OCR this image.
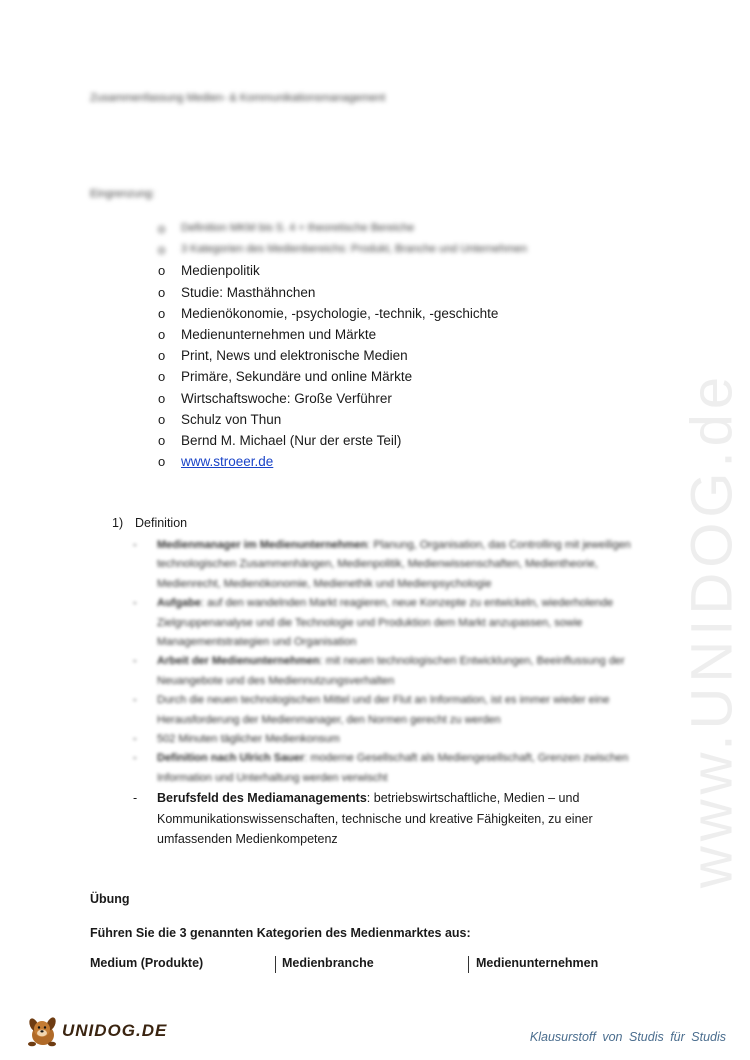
Zusammenfassung Medien- & Kommunikationsmanagement
Eingrenzung:
o	Definition MKM bis S. 4 + theoretische Bereiche
o	3 Kategorien des Medienbereichs: Produkt, Branche und Unternehmen
o	Medienpolitik
o	Studie: Masthähnchen
o	Medienökonomie, -psychologie, -technik, -geschichte
o	Medienunternehmen und Märkte
o	Print, News und elektronische Medien
o	Primäre, Sekundäre und online Märkte
o	Wirtschaftswoche: Große Verführer
o	Schulz von Thun
o	Bernd M. Michael (Nur der erste Teil)
o	www.stroeer.de
1) Definition
-	Medienmanager im Medienunternehmen: Planung, Organisation, das Controlling mit jeweiligen technologischen Zusammenhängen, Medienpolitik, Medienwissenschaften, Medientheorie, Medienrecht, Medienökonomie, Medienethik und Medienpsychologie
-	Aufgabe: auf den wandelnden Markt reagieren, neue Konzepte zu entwickeln, wiederholende Zielgruppenanalyse und die Technologie und Produktion dem Markt anzupassen, sowie Managementstrategien und Organisation
-	Arbeit der Medienunternehmen: mit neuen technologischen Entwicklungen, Beeinflussung der Neuangebote und des Mediennutzungsverhalten
-	Durch die neuen technologischen Mittel und der Flut an Information, ist es immer wieder eine Herausforderung der Medienmanager, den Normen gerecht zu werden
-	502 Minuten täglicher Medienkonsum
-	Definition nach Ulrich Sauer: moderne Gesellschaft als Mediengesellschaft, Grenzen zwischen Information und Unterhaltung werden verwischt
-	Berufsfeld des Mediamanagements: betriebswirtschaftliche, Medien – und Kommunikationswissenschaften, technische und kreative Fähigkeiten, zu einer umfassenden Medienkompetenz
Übung
Führen Sie die 3 genannten Kategorien des Medienmarktes aus:
Medium (Produkte)	Medienbranche	Medienunternehmen
www.UNIDOG.de
UNIDOG.DE	Klausurstoff von Studis für Studis
